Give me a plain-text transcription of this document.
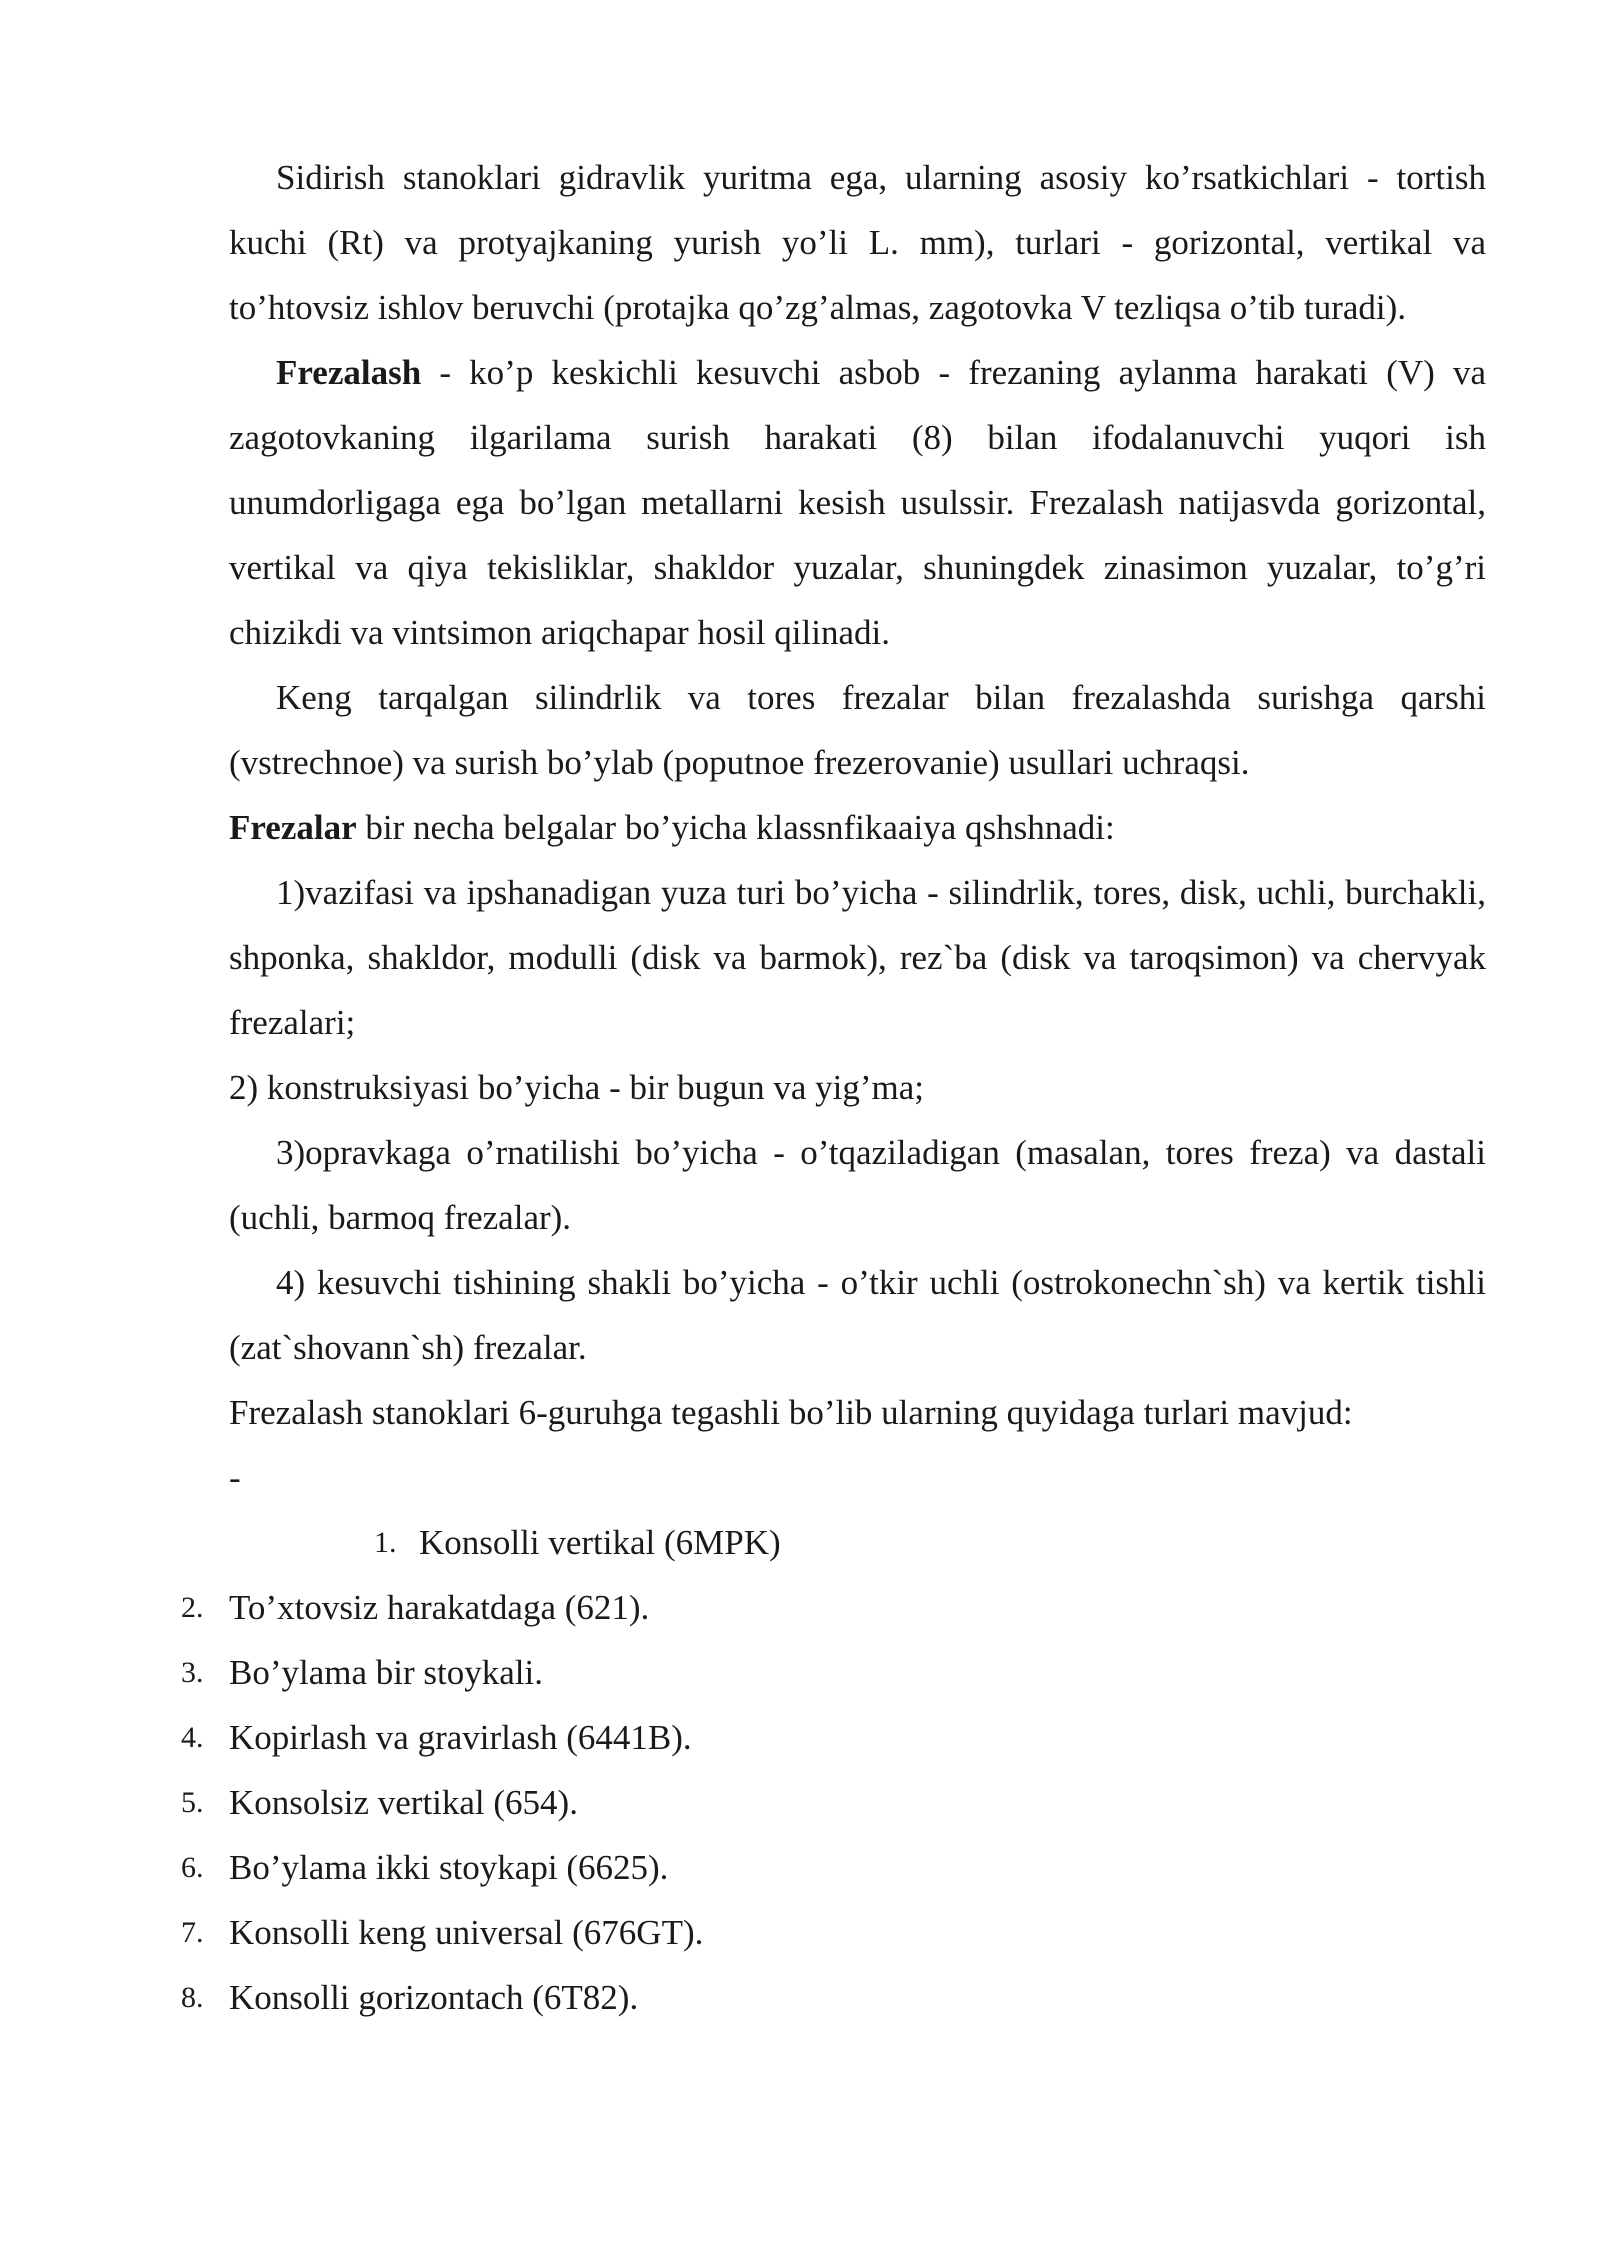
Sidirish stanoklari gidravlik yuritma ega, ularning asosiy ko’rsatkichlari - tortish kuchi (Rt) va protyajkaning yurish yo’li L. mm), turlari - gorizontal, vertikal va to’htovsiz ishlov beruvchi (protajka qo’zg’almas, zagotovka V tezliqsa o’tib turadi).

Frezalash - ko’p keskichli kesuvchi asbob - frezaning aylanma harakati (V) va zagotovkaning ilgarilama surish harakati (8) bilan ifodalanuvchi yuqori ish unumdorligaga ega bo’lgan metallarni kesish usulssir. Frezalash natijasvda gorizontal, vertikal va qiya tekisliklar, shakldor yuzalar, shuningdek zinasimon yuzalar, to’g’ri chizikdi va vintsimon ariqchapar hosil qilinadi.

Keng tarqalgan silindrlik va tores frezalar bilan frezalashda surishga qarshi (vstrechnoe) va surish bo’ylab (poputnoe frezerovanie) usullari uchraqsi.

Frezalar bir necha belgalar bo’yicha klassnfikaaiya qshshnadi:

1)vazifasi va ipshanadigan yuza turi bo’yicha - silindrlik, tores, disk, uchli, burchakli, shponka, shakldor, modulli (disk va barmok), rez`ba (disk va taroqsimon) va chervyak frezalari;

2) konstruksiyasi bo’yicha - bir bugun va yig’ma;

3)opravkaga o’rnatilishi bo’yicha - o’tqaziladigan (masalan, tores freza) va dastali (uchli, barmoq frezalar).

4) kesuvchi tishining shakli bo’yicha - o’tkir uchli (ostrokonechn`sh) va kertik tishli (zat`shovann`sh) frezalar.

Frezalash stanoklari 6-guruhga tegashli bo’lib ularning quyidaga turlari mavjud:

-

1. Konsolli vertikal (6MPK)
2. To’xtovsiz harakatdaga (621).
3. Bo’ylama bir stoykali.
4. Kopirlash va gravirlash (6441B).
5. Konsolsiz vertikal (654).
6. Bo’ylama ikki stoykapi (6625).
7. Konsolli keng universal (676GT).
8. Konsolli gorizontach (6T82).
